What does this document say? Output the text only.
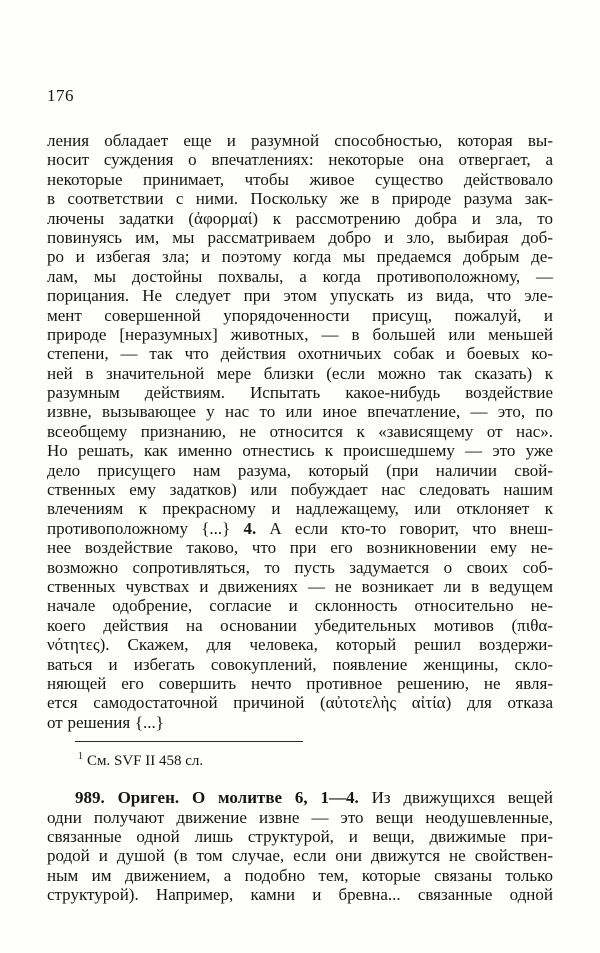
176
ления обладает еще и разумной способностью, которая вы-
носит суждения о впечатлениях: некоторые она отвергает, а
некоторые принимает, чтобы живое существо действовало
в соответствии с ними. Поскольку же в природе разума зак-
лючены задатки (ἀφορμαί) к рассмотрению добра и зла, то
повинуясь им, мы рассматриваем добро и зло, выбирая доб-
ро и избегая зла; и поэтому когда мы предаемся добрым де-
лам, мы достойны похвалы, а когда противоположному, —
порицания. Не следует при этом упускать из вида, что эле-
мент совершенной упорядоченности присущ, пожалуй, и
природе [неразумных] животных, — в большей или меньшей
степени, — так что действия охотничьих собак и боевых ко-
ней в значительной мере близки (если можно так сказать) к
разумным действиям. Испытать какое-нибудь воздействие
извне, вызывающее у нас то или иное впечатление, — это, по
всеобщему признанию, не относится к «зависящему от нас».
Но решать, как именно отнестись к происшедшему — это уже
дело присущего нам разума, который (при наличии свой-
ственных ему задатков) или побуждает нас следовать нашим
влечениям к прекрасному и надлежащему, или отклоняет к
противоположному {...} 4. А если кто-то говорит, что внеш-
нее воздействие таково, что при его возникновении ему не-
возможно сопротивляться, то пусть задумается о своих соб-
ственных чувствах и движениях — не возникает ли в ведущем
начале одобрение, согласие и склонность относительно не-
коего действия на основании убедительных мотивов (πιθα-
νότητες). Скажем, для человека, который решил воздержи-
ваться и избегать совокуплений, появление женщины, скло-
няющей его совершить нечто противное решению, не явля-
ется самодостаточной причиной (αὐτοτελὴς αἰτία) для отказа
от решения {...}
$^1$ См. SVF II 458 сл.
989. Ориген. О молитве 6, 1—4. Из движущихся вещей
одни получают движение извне — это вещи неодушевленные,
связанные одной лишь структурой, и вещи, движимые при-
родой и душой (в том случае, если они движутся не свойствен-
ным им движением, а подобно тем, которые связаны только
структурой). Например, камни и бревна... связанные одной
